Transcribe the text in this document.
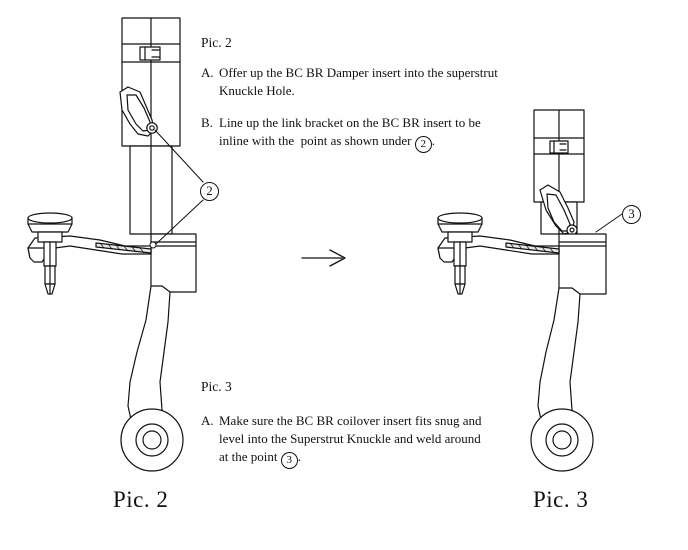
2
3
Pic. 2
A. Offer up the BC BR Damper insert into the superstrut
Knuckle Hole.
B. Line up the link bracket on the BC BR insert to be
inline with the  point as shown under 2 .
Pic. 3
A. Make sure the BC BR coilover insert fits snug and
level into the Superstrut Knuckle and weld around
at the point 3 .
Pic. 2	Pic. 3
